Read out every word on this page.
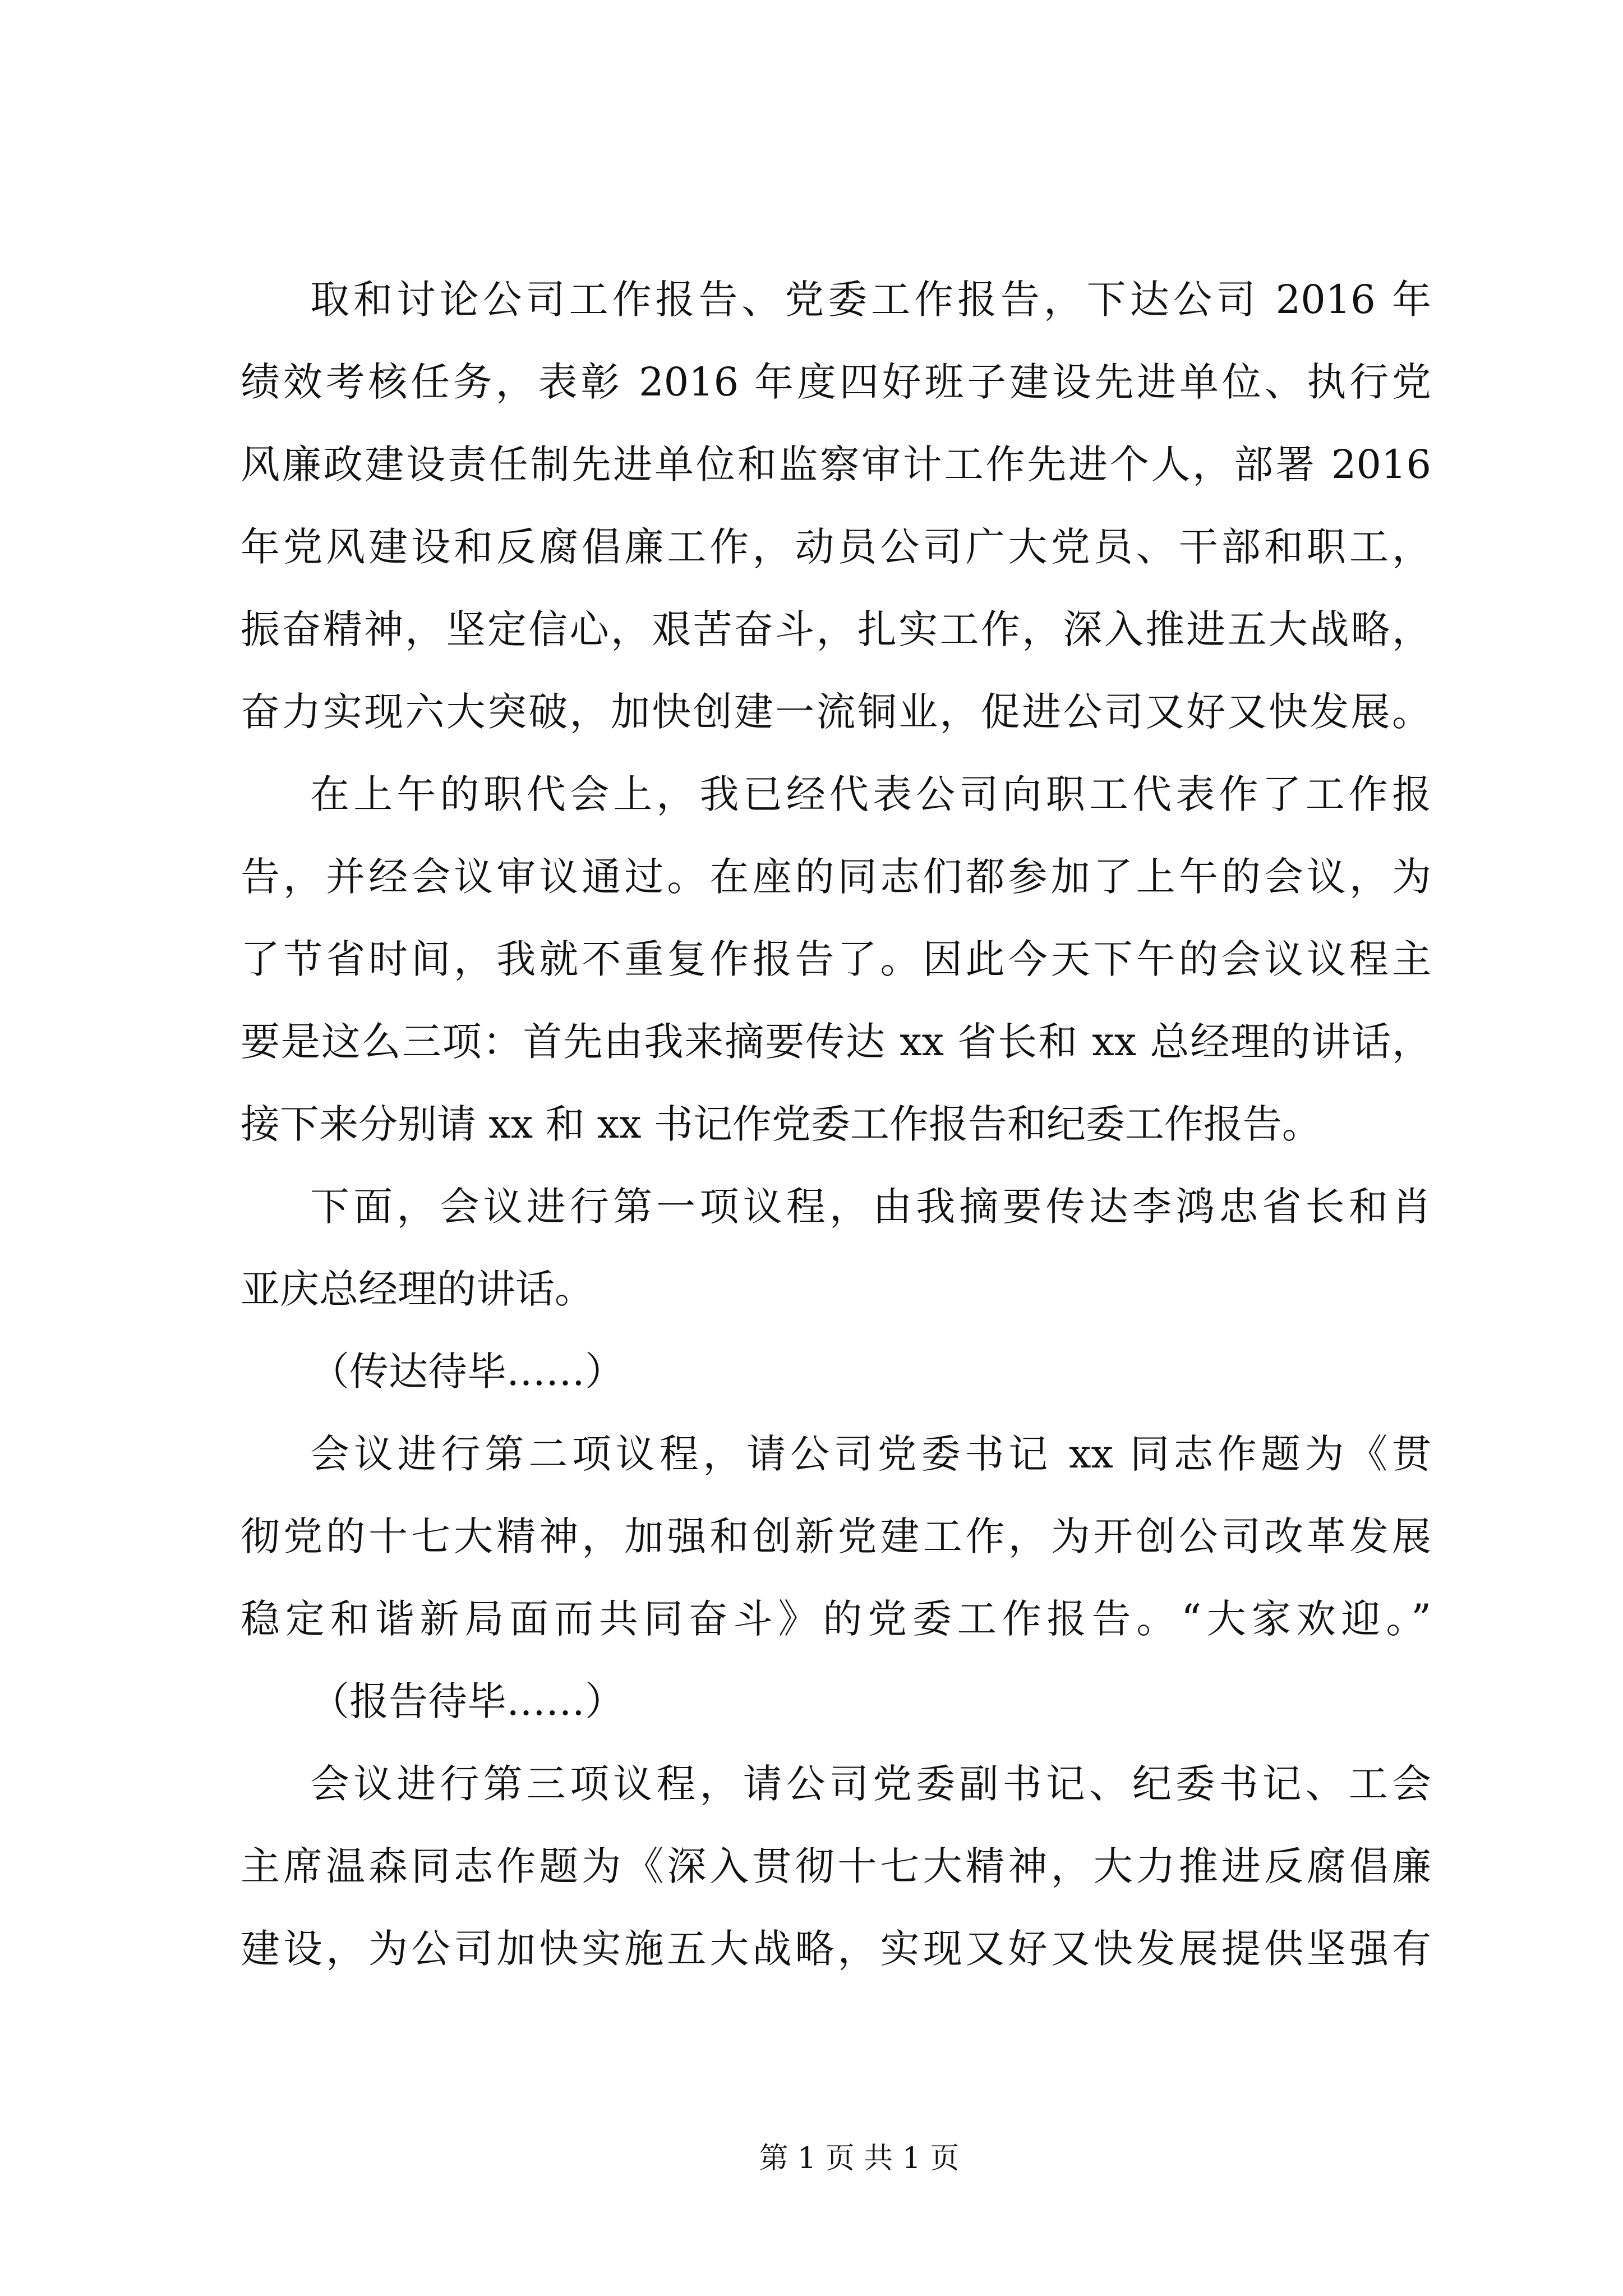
取和讨论公司工作报告、党委工作报告，下达公司 2016 年
绩效考核任务，表彰 2016 年度四好班子建设先进单位、执行党
风廉政建设责任制先进单位和监察审计工作先进个人，部署 2016
年党风建设和反腐倡廉工作，动员公司广大党员、干部和职工，
振奋精神，坚定信心，艰苦奋斗，扎实工作，深入推进五大战略，
奋力实现六大突破，加快创建一流铜业，促进公司又好又快发展。
在上午的职代会上，我已经代表公司向职工代表作了工作报
告，并经会议审议通过。在座的同志们都参加了上午的会议，为
了节省时间，我就不重复作报告了。因此今天下午的会议议程主
要是这么三项：首先由我来摘要传达 xx 省长和 xx 总经理的讲话，
接下来分别请 xx 和 xx 书记作党委工作报告和纪委工作报告。
下面，会议进行第一项议程，由我摘要传达李鸿忠省长和肖
亚庆总经理的讲话。
（传达待毕……）
会议进行第二项议程，请公司党委书记 xx 同志作题为《贯
彻党的十七大精神，加强和创新党建工作，为开创公司改革发展
稳定和谐新局面而共同奋斗》的党委工作报告。“大家欢迎。”
（报告待毕……）
会议进行第三项议程，请公司党委副书记、纪委书记、工会
主席温森同志作题为《深入贯彻十七大精神，大力推进反腐倡廉
建设，为公司加快实施五大战略，实现又好又快发展提供坚强有
第 1 页 共 1 页
